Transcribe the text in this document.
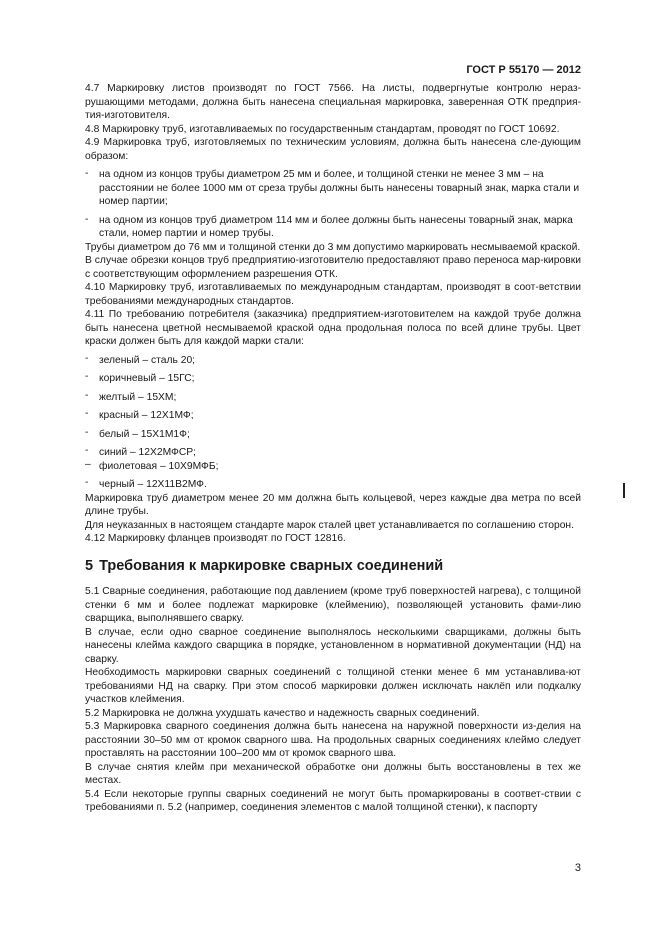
ГОСТ Р 55170 — 2012

4.7 Маркировку листов производят по ГОСТ 7566. На листы, подвергнутые контролю нераз-рушающими методами, должна быть нанесена специальная маркировка, заверенная ОТК предприя-тия-изготовителя.

4.8 Маркировку труб, изготавливаемых по государственным стандартам, проводят по ГОСТ 10692.

4.9 Маркировка труб, изготовляемых по техническим условиям, должна быть нанесена сле-дующим образом:

- на одном из концов трубы диаметром 25 мм и более, и толщиной стенки не менее 3 мм – на расстоянии не более 1000 мм от среза трубы должны быть нанесены товарный знак, марка стали и номер партии;
- на одном из концов труб диаметром 114 мм и более должны быть нанесены товарный знак, марка стали, номер партии и номер трубы.

Трубы диаметром до 76 мм и толщиной стенки до 3 мм допустимо маркировать несмываемой краской.

В случае обрезки концов труб предприятию-изготовителю предоставляют право переноса мар-кировки с соответствующим оформлением разрешения ОТК.

4.10 Маркировку труб, изготавливаемых по международным стандартам, производят в соот-ветствии требованиями международных стандартов.

4.11 По требованию потребителя (заказчика) предприятием-изготовителем на каждой трубе должна быть нанесена цветной несмываемой краской одна продольная полоса по всей длине трубы. Цвет краски должен быть для каждой марки стали:

- зеленый – сталь 20;
- коричневый – 15ГС;
- желтый – 15ХМ;
- красный – 12Х1МФ;
- белый – 15Х1М1Ф;
- синий – 12Х2МФСР;
– фиолетовая – 10Х9МФБ;
- черный – 12Х11В2МФ.

Маркировка труб диаметром менее 20 мм должна быть кольцевой, через каждые два метра по всей длине трубы.

Для неуказанных в настоящем стандарте марок сталей цвет устанавливается по соглашению сторон.

4.12 Маркировку фланцев производят по ГОСТ 12816.

5 Требования к маркировке сварных соединений

5.1 Сварные соединения, работающие под давлением (кроме труб поверхностей нагрева), с толщиной стенки 6 мм и более подлежат маркировке (клеймению), позволяющей установить фами-лию сварщика, выполнявшего сварку.

В случае, если одно сварное соединение выполнялось несколькими сварщиками, должны быть нанесены клейма каждого сварщика в порядке, установленном в нормативной документации (НД) на сварку.

Необходимость маркировки сварных соединений с толщиной стенки менее 6 мм устанавлива-ют требованиями НД на сварку. При этом способ маркировки должен исключать наклёп или подкалку участков клеймения.

5.2 Маркировка не должна ухудшать качество и надежность сварных соединений.

5.3 Маркировка сварного соединения должна быть нанесена на наружной поверхности из-делия на расстоянии 30–50 мм от кромок сварного шва. На продольных сварных соединениях клеймо следует проставлять на расстоянии 100–200 мм от кромок сварного шва.

В случае снятия клейм при механической обработке они должны быть восстановлены в тех же местах.

5.4 Если некоторые группы сварных соединений не могут быть промаркированы в соответ-ствии с требованиями п. 5.2 (например, соединения элементов с малой толщиной стенки), к паспорту

3
